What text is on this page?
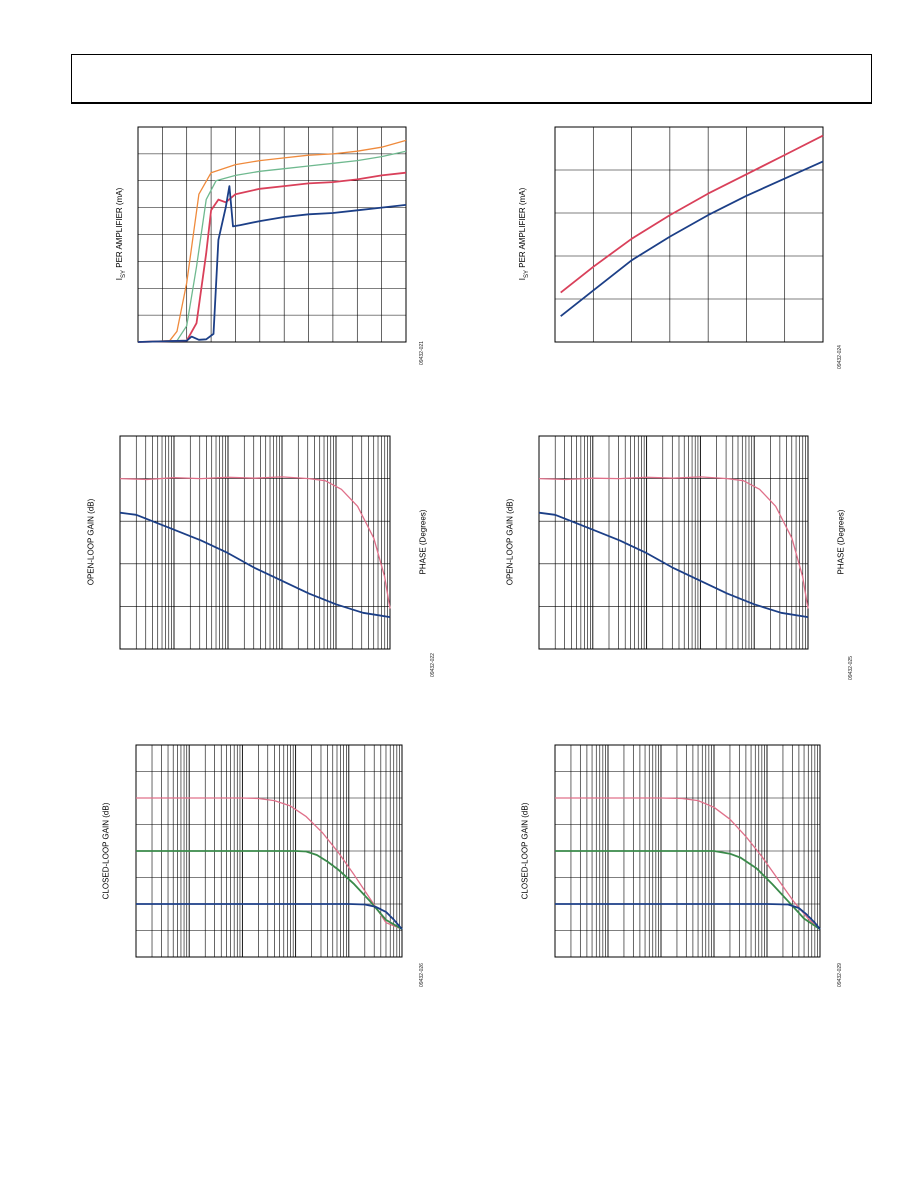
$I_{SY}$ PER AMPLIFIER (mA)
09432-021
$I_{SY}$ PER AMPLIFIER (mA)
09432-024
OPEN-LOOP GAIN (dB)	PHASE (Degrees)
09432-022
OPEN-LOOP GAIN (dB)	PHASE (Degrees)
09432-025
CLOSED-LOOP GAIN (dB)
09432-026
CLOSED-LOOP GAIN (dB)
09432-029
